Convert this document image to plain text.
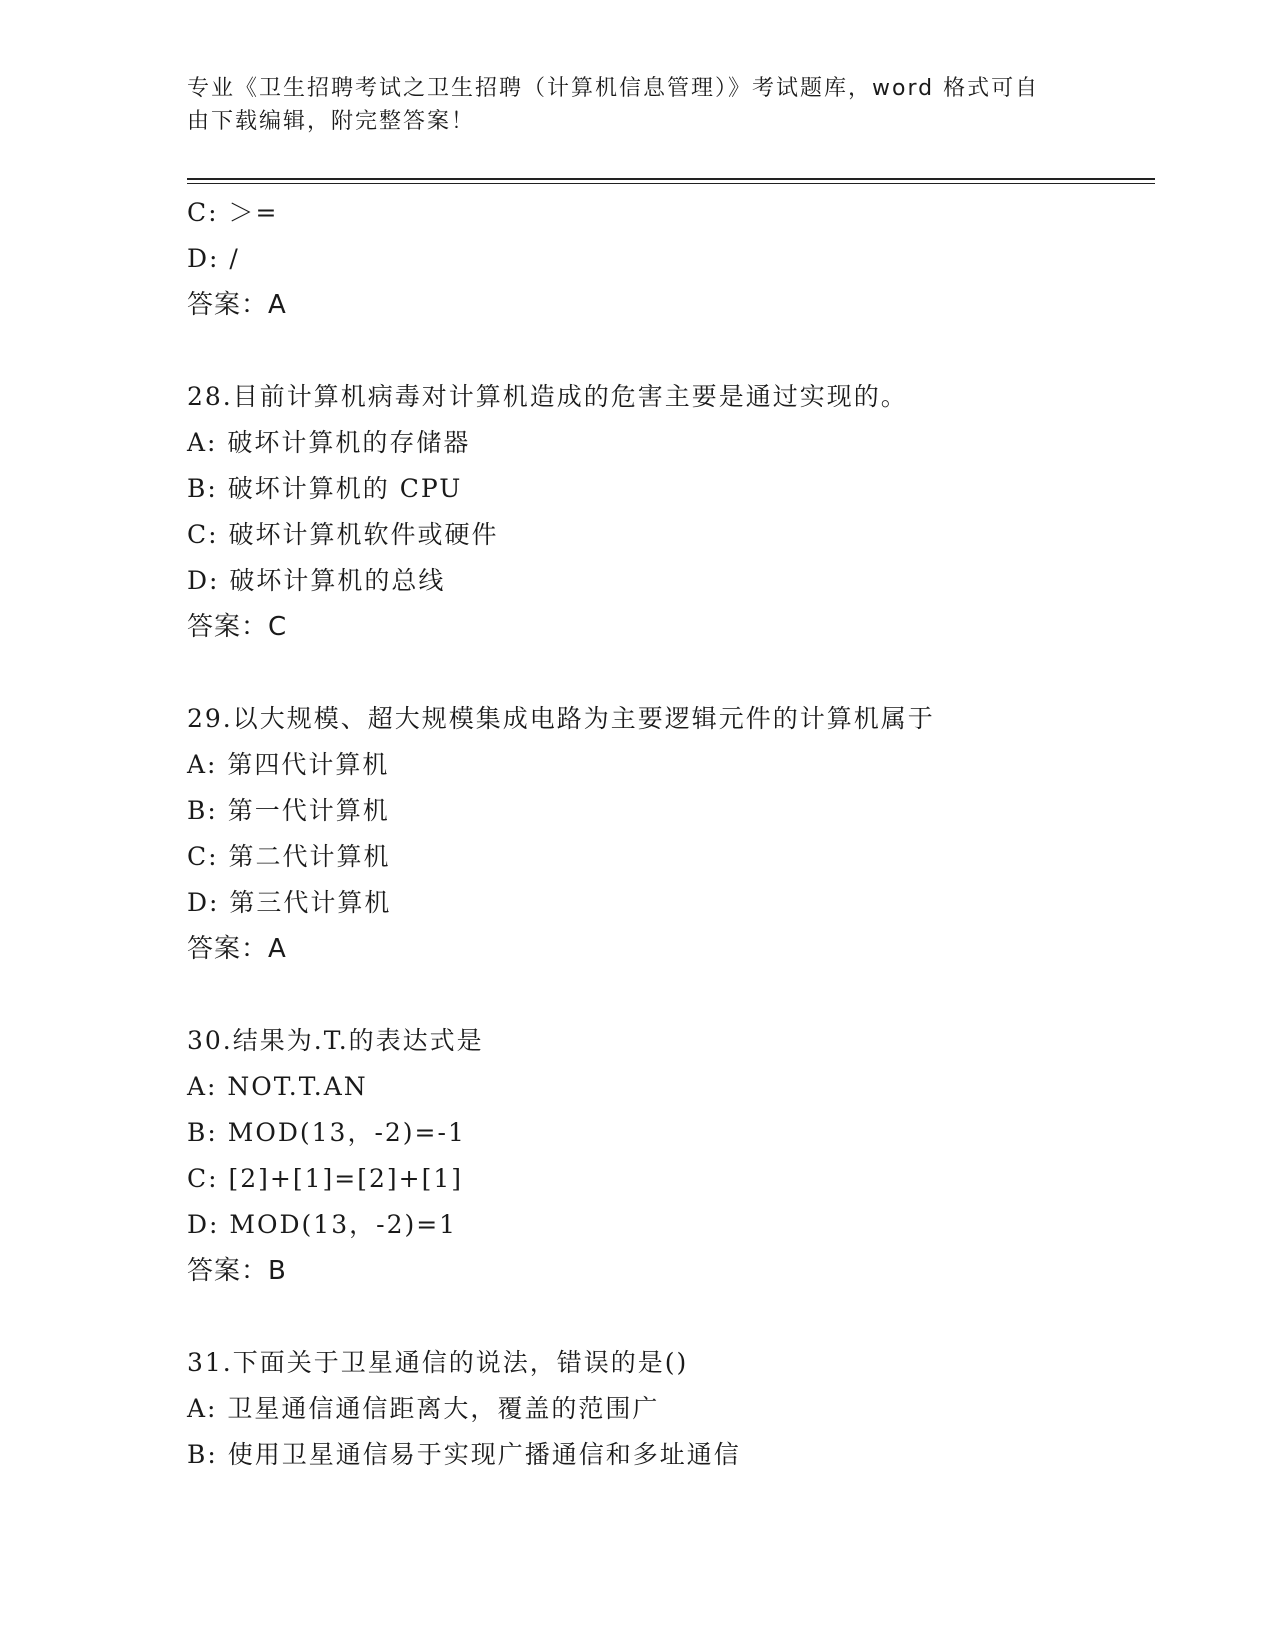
专业《卫生招聘考试之卫生招聘（计算机信息管理）》考试题库，word 格式可自
由下载编辑，附完整答案！
C: ＞=
D: /
答案：A
28.目前计算机病毒对计算机造成的危害主要是通过实现的。
A: 破坏计算机的存储器
B: 破坏计算机的 CPU
C: 破坏计算机软件或硬件
D: 破坏计算机的总线
答案：C
29.以大规模、超大规模集成电路为主要逻辑元件的计算机属于
A: 第四代计算机
B: 第一代计算机
C: 第二代计算机
D: 第三代计算机
答案：A
30.结果为.T.的表达式是
A: NOT.T.AN
B: MOD(13，-2)=-1
C: [2]+[1]=[2]+[1]
D: MOD(13，-2)=1
答案：B
31.下面关于卫星通信的说法，错误的是()
A: 卫星通信通信距离大，覆盖的范围广
B: 使用卫星通信易于实现广播通信和多址通信
